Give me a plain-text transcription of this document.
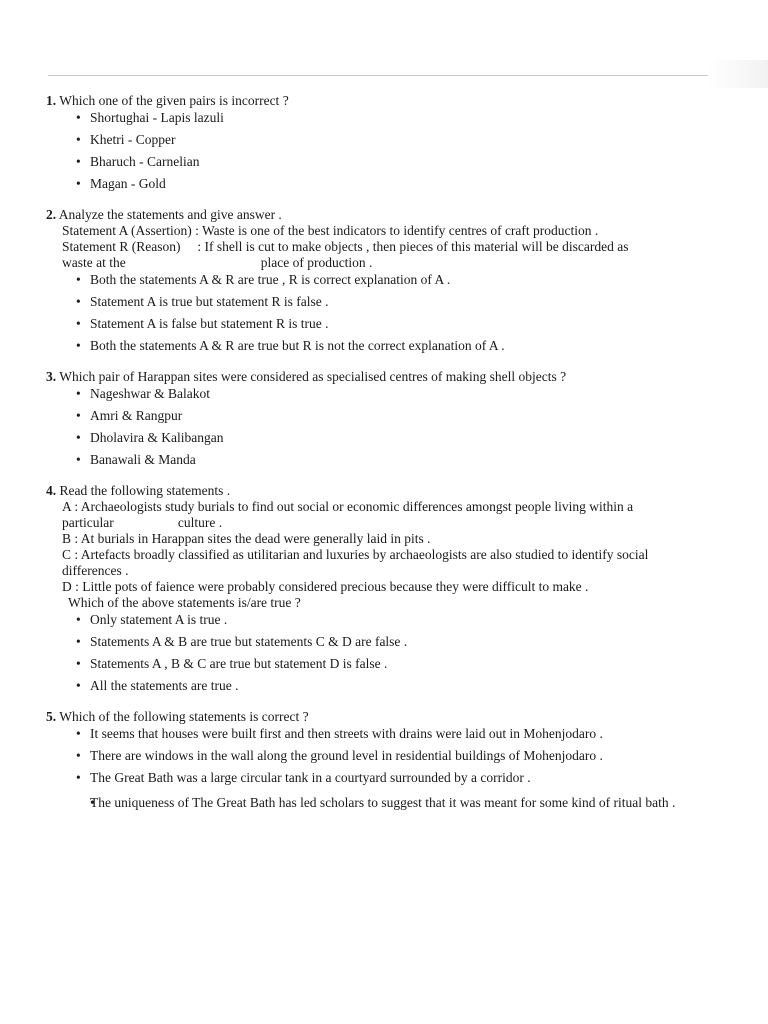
1. Which one of the given pairs is incorrect ?
• Shortughai - Lapis lazuli
• Khetri - Copper
• Bharuch - Carnelian
• Magan - Gold
2. Analyze the statements and give answer .
Statement A (Assertion) : Waste is one of the best indicators to identify centres of craft production .
Statement R (Reason)     : If shell is cut to make objects , then pieces of this material will be discarded as
waste at the                                        place of production .
• Both the statements A & R are true , R is correct explanation of A .
• Statement A is true but statement R is false .
• Statement A is false but statement R is true .
• Both the statements A & R are true but R is not the correct explanation of A .
3. Which pair of Harappan sites were considered as specialised centres of making shell objects ?
• Nageshwar & Balakot
• Amri & Rangpur
• Dholavira & Kalibangan
• Banawali & Manda
4. Read the following statements .
A : Archaeologists study burials to find out social or economic differences amongst people living within a
particular                   culture .
B : At burials in Harappan sites the dead were generally laid in pits .
C : Artefacts broadly classified as utilitarian and luxuries by archaeologists are also studied to identify social
differences .
D : Little pots of faience were probably considered precious because they were difficult to make .
Which of the above statements is/are true ?
• Only statement A is true .
• Statements A & B are true but statements C & D are false .
• Statements A , B & C are true but statement D is false .
• All the statements are true .
5. Which of the following statements is correct ?
• It seems that houses were built first and then streets with drains were laid out in Mohenjodaro .
• There are windows in the wall along the ground level in residential buildings of Mohenjodaro .
• The Great Bath was a large circular tank in a courtyard surrounded by a corridor .
• The uniqueness of The Great Bath has led scholars to suggest that it was meant for some kind of ritual bath .
